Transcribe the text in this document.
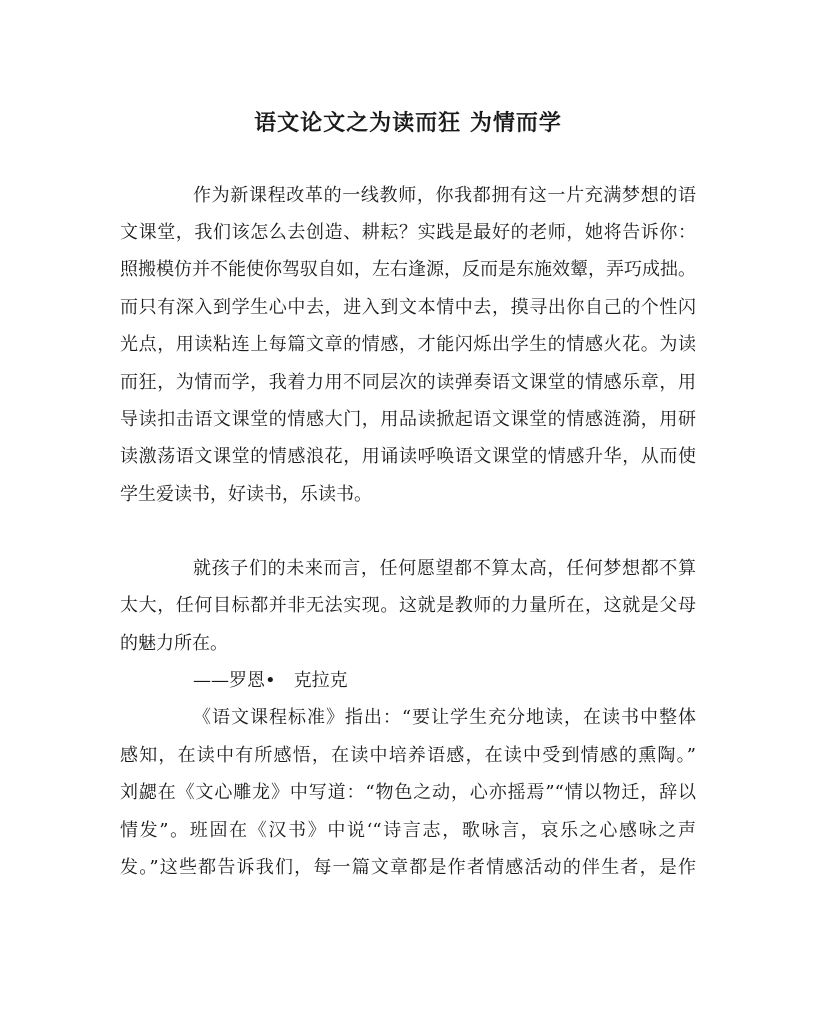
语文论文之为读而狂 为情而学
作为新课程改革的一线教师，你我都拥有这一片充满梦想的语
文课堂，我们该怎么去创造、耕耘？实践是最好的老师，她将告诉你：
照搬模仿并不能使你驾驭自如，左右逢源，反而是东施效颦，弄巧成拙。
而只有深入到学生心中去，进入到文本情中去，摸寻出你自己的个性闪
光点，用读粘连上每篇文章的情感，才能闪烁出学生的情感火花。为读
而狂，为情而学，我着力用不同层次的读弹奏语文课堂的情感乐章，用
导读扣击语文课堂的情感大门，用品读掀起语文课堂的情感涟漪，用研
读激荡语文课堂的情感浪花，用诵读呼唤语文课堂的情感升华，从而使
学生爱读书，好读书，乐读书。
就孩子们的未来而言，任何愿望都不算太高，任何梦想都不算
太大，任何目标都并非无法实现。这就是教师的力量所在，这就是父母
的魅力所在。
——罗恩•　克拉克
《语文课程标准》指出：“要让学生充分地读，在读书中整体
感知，在读中有所感悟，在读中培养语感，在读中受到情感的熏陶。”
刘勰在《文心雕龙》中写道：“物色之动，心亦摇焉”“情以物迁，辞以
情发”。班固在《汉书》中说‘“诗言志，歌咏言，哀乐之心感咏之声
发。”这些都告诉我们，每一篇文章都是作者情感活动的伴生者，是作
